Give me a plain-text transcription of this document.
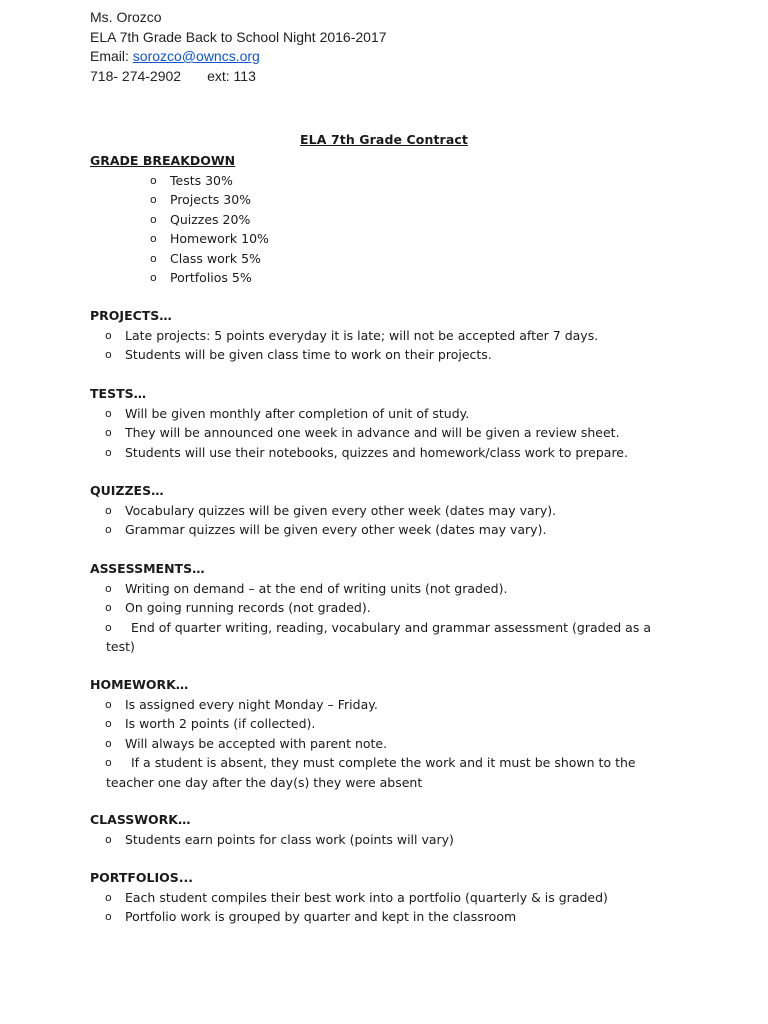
Ms. Orozco
ELA 7th Grade Back to School Night 2016-2017
Email: sorozco@owncs.org
718- 274-2902 ext: 113
ELA 7th Grade Contract
GRADE BREAKDOWN
o Tests 30%
o Projects 30%
o Quizzes 20%
o Homework 10%
o Class work 5%
o Portfolios 5%
PROJECTS…
o Late projects: 5 points everyday it is late; will not be accepted after 7 days.
o Students will be given class time to work on their projects.
TESTS…
o Will be given monthly after completion of unit of study.
o They will be announced one week in advance and will be given a review sheet.
o Students will use their notebooks, quizzes and homework/class work to prepare.
QUIZZES…
o Vocabulary quizzes will be given every other week (dates may vary).
o Grammar quizzes will be given every other week (dates may vary).
ASSESSMENTS…
o Writing on demand – at the end of writing units (not graded).
o On going running records (not graded).
o End of quarter writing, reading, vocabulary and grammar assessment (graded as a
test)
HOMEWORK…
o Is assigned every night Monday – Friday.
o Is worth 2 points (if collected).
o Will always be accepted with parent note.
o If a student is absent, they must complete the work and it must be shown to the
teacher one day after the day(s) they were absent
CLASSWORK…
o Students earn points for class work (points will vary)
PORTFOLIOS...
o Each student compiles their best work into a portfolio (quarterly & is graded)
o Portfolio work is grouped by quarter and kept in the classroom
